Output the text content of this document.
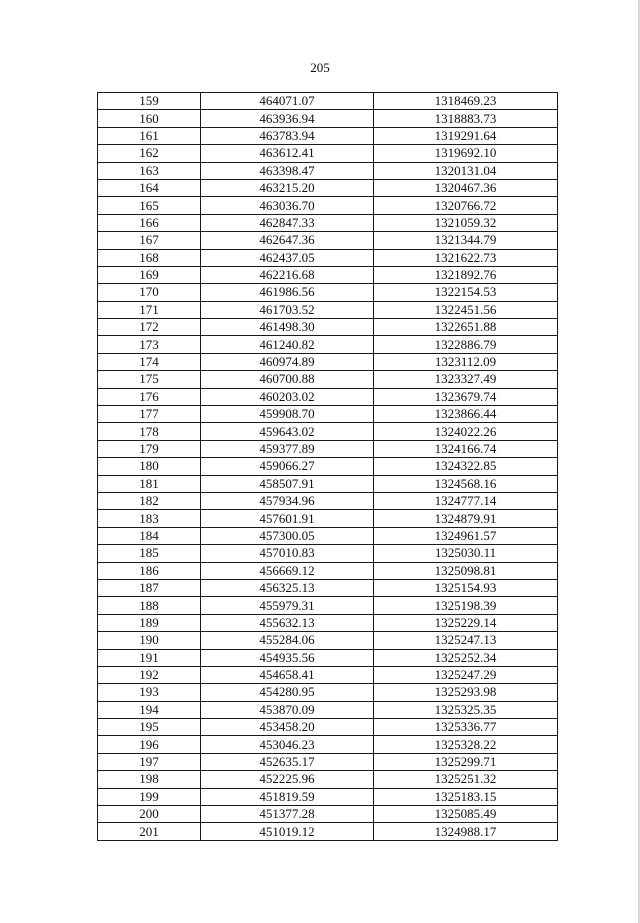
205
159	464071.07	1318469.23
160	463936.94	1318883.73
161	463783.94	1319291.64
162	463612.41	1319692.10
163	463398.47	1320131.04
164	463215.20	1320467.36
165	463036.70	1320766.72
166	462847.33	1321059.32
167	462647.36	1321344.79
168	462437.05	1321622.73
169	462216.68	1321892.76
170	461986.56	1322154.53
171	461703.52	1322451.56
172	461498.30	1322651.88
173	461240.82	1322886.79
174	460974.89	1323112.09
175	460700.88	1323327.49
176	460203.02	1323679.74
177	459908.70	1323866.44
178	459643.02	1324022.26
179	459377.89	1324166.74
180	459066.27	1324322.85
181	458507.91	1324568.16
182	457934.96	1324777.14
183	457601.91	1324879.91
184	457300.05	1324961.57
185	457010.83	1325030.11
186	456669.12	1325098.81
187	456325.13	1325154.93
188	455979.31	1325198.39
189	455632.13	1325229.14
190	455284.06	1325247.13
191	454935.56	1325252.34
192	454658.41	1325247.29
193	454280.95	1325293.98
194	453870.09	1325325.35
195	453458.20	1325336.77
196	453046.23	1325328.22
197	452635.17	1325299.71
198	452225.96	1325251.32
199	451819.59	1325183.15
200	451377.28	1325085.49
201	451019.12	1324988.17
